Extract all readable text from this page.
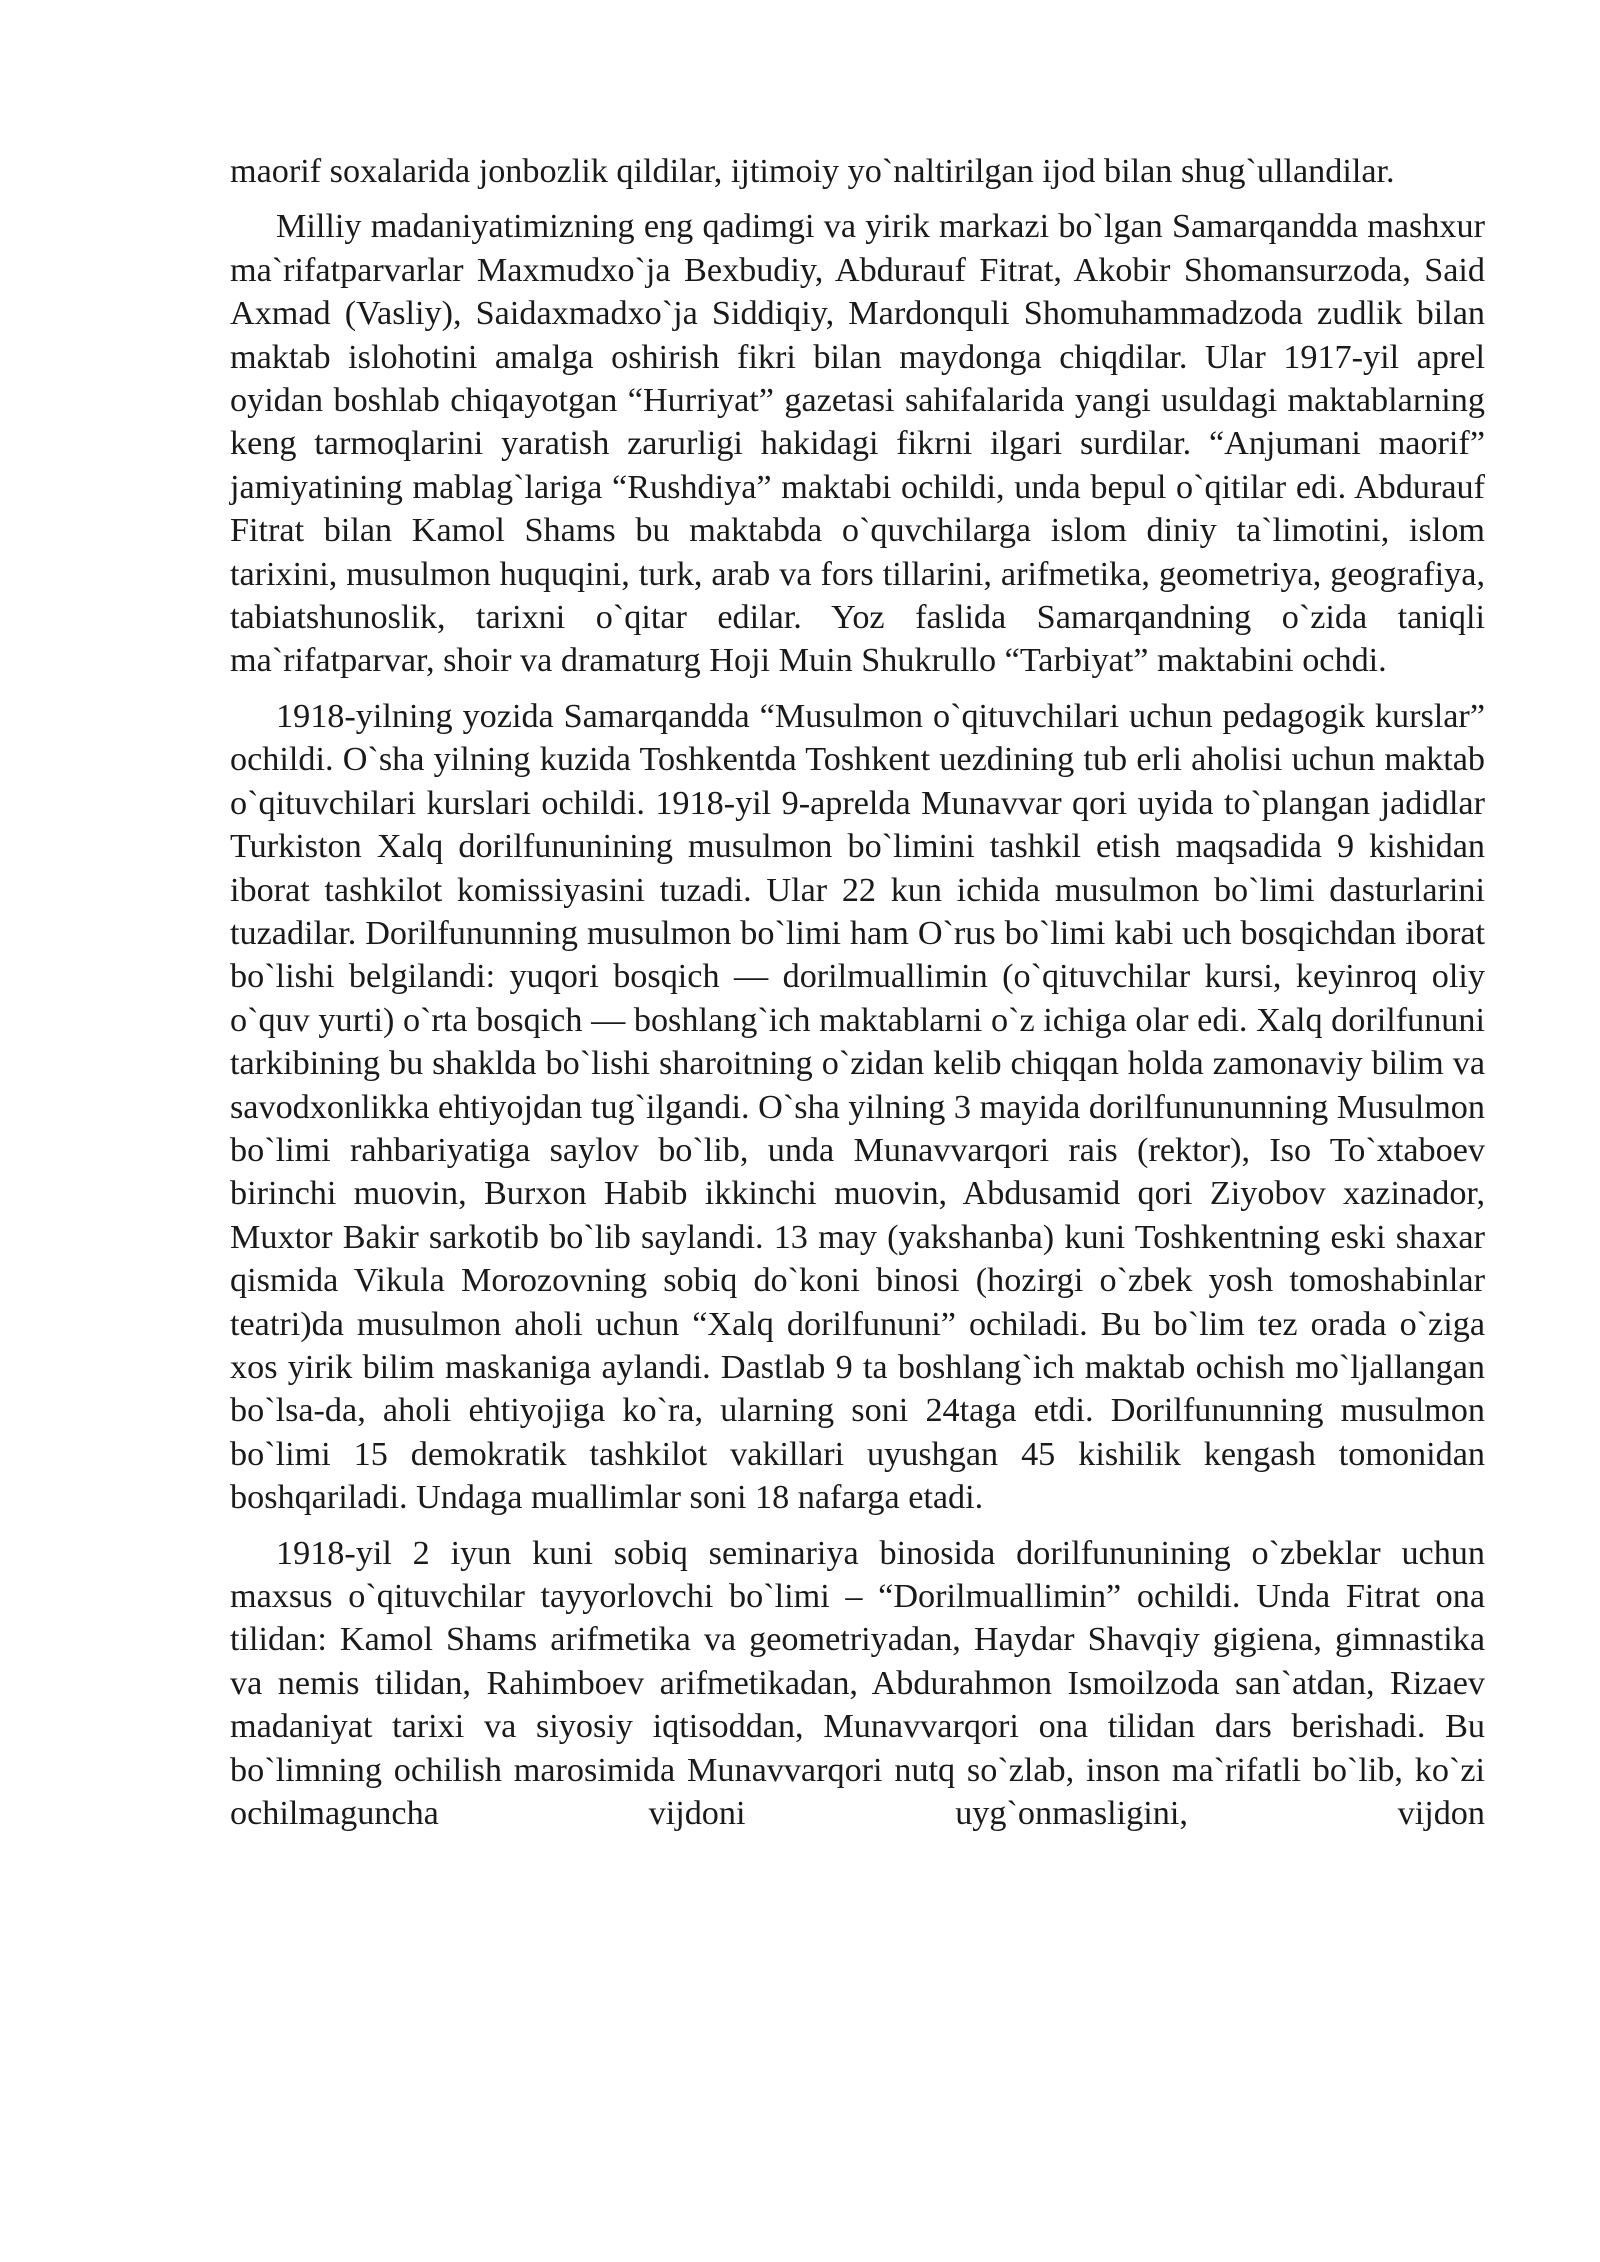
maorif soxalarida jonbozlik qildilar, ijtimoiy yo`naltirilgan ijod bilan shug`ullandilar.

Milliy madaniyatimizning eng qadimgi va yirik markazi bo`lgan Samarqandda mashxur ma`rifatparvarlar Maxmudxo`ja Bexbudiy, Abdurauf Fitrat, Akobir Shomansurzoda, Said Axmad (Vasliy), Saidaxmadxo`ja Siddiqiy, Mardonquli Shomuhammadzoda zudlik bilan maktab islohotini amalga oshirish fikri bilan maydonga chiqdilar. Ular 1917-yil aprel oyidan boshlab chiqayotgan “Hurriyat” gazetasi sahifalarida yangi usuldagi maktablarning keng tarmoqlarini yaratish zarurligi hakidagi fikrni ilgari surdilar. “Anjumani maorif” jamiyatining mablag`lariga “Rushdiya” maktabi ochildi, unda bepul o`qitilar edi. Abdurauf Fitrat bilan Kamol Shams bu maktabda o`quvchilarga islom diniy ta`limotini, islom tarixini, musulmon huquqini, turk, arab va fors tillarini, arifmetika, geometriya, geografiya, tabiatshunoslik, tarixni o`qitar edilar. Yoz faslida Samarqandning o`zida taniqli ma`rifatparvar, shoir va dramaturg Hoji Muin Shukrullo “Tarbiyat” maktabini ochdi.

1918-yilning yozida Samarqandda “Musulmon o`qituvchilari uchun pedagogik kurslar” ochildi. O`sha yilning kuzida Toshkentda Toshkent uezdining tub erli aholisi uchun maktab o`qituvchilari kurslari ochildi. 1918-yil 9-aprelda Munavvar qori uyida to`plangan jadidlar Turkiston Xalq dorilfununining musulmon bo`limini tashkil etish maqsadida 9 kishidan iborat tashkilot komissiyasini tuzadi. Ular 22 kun ichida musulmon bo`limi dasturlarini tuzadilar. Dorilfununning musulmon bo`limi ham O`rus bo`limi kabi uch bosqichdan iborat bo`lishi belgilandi: yuqori bosqich — dorilmuallimin (o`qituvchilar kursi, keyinroq oliy o`quv yurti) o`rta bosqich — boshlang`ich maktablarni o`z ichiga olar edi. Xalq dorilfununi tarkibining bu shaklda bo`lishi sharoitning o`zidan kelib chiqqan holda zamonaviy bilim va savodxonlikka ehtiyojdan tug`ilgandi. O`sha yilning 3 mayida dorilfunununning Musulmon bo`limi rahbariyatiga saylov bo`lib, unda Munavvarqori rais (rektor), Iso To`xtaboev birinchi muovin, Burxon Habib ikkinchi muovin, Abdusamid qori Ziyobov xazinador, Muxtor Bakir sarkotib bo`lib saylandi. 13 may (yakshanba) kuni Toshkentning eski shaxar qismida Vikula Morozovning sobiq do`koni binosi (hozirgi o`zbek yosh tomoshabinlar teatri)da musulmon aholi uchun “Xalq dorilfununi” ochiladi. Bu bo`lim tez orada o`ziga xos yirik bilim maskaniga aylandi. Dastlab 9 ta boshlang`ich maktab ochish mo`ljallangan bo`lsa-da, aholi ehtiyojiga ko`ra, ularning soni 24taga etdi. Dorilfununning musulmon bo`limi 15 demokratik tashkilot vakillari uyushgan 45 kishilik kengash tomonidan boshqariladi. Undaga muallimlar soni 18 nafarga etadi.

1918-yil 2 iyun kuni sobiq seminariya binosida dorilfununining o`zbeklar uchun maxsus o`qituvchilar tayyorlovchi bo`limi – “Dorilmuallimin” ochildi. Unda Fitrat ona tilidan: Kamol Shams arifmetika va geometriyadan, Haydar Shavqiy gigiena, gimnastika va nemis tilidan, Rahimboev arifmetikadan, Abdurahmon Ismoilzoda san`atdan, Rizaev madaniyat tarixi va siyosiy iqtisoddan, Munavvarqori ona tilidan dars berishadi. Bu bo`limning ochilish marosimida Munavvarqori nutq so`zlab, inson ma`rifatli bo`lib, ko`zi ochilmaguncha vijdoni uyg`onmasligini, vijdon
